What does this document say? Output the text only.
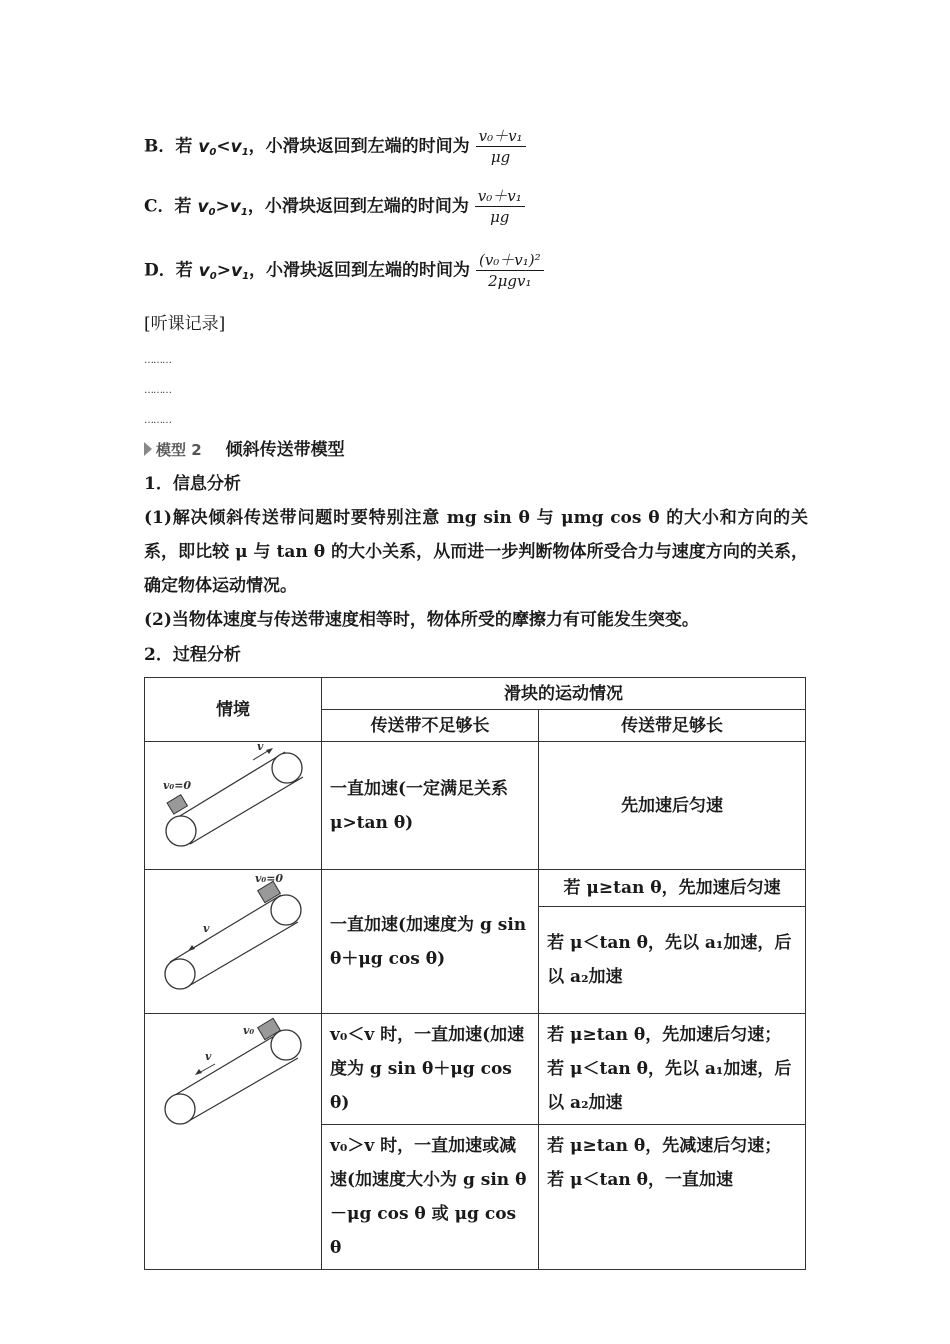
B．若 $v_0<v_1$，小滑块返回到左端的时间为 $\frac{\text{v₀＋v₁}}{\mu g}$
C．若 $v_0>v_1$，小滑块返回到左端的时间为 $\frac{\text{v₀＋v₁}}{\mu g}$
D．若 $v_0>v_1$，小滑块返回到左端的时间为 $\frac{\text{(v₀＋v₁)²}}{\text{2μgv₁}}$
[听课记录]
………
………
………
模型 2 倾斜传送带模型
1．信息分析
(1)解决倾斜传送带问题时要特别注意 mg sin θ 与 μmg cos θ 的大小和方向的关系，即比较 μ 与 tan θ 的大小关系，从而进一步判断物体所受合力与速度方向的关系，确定物体运动情况。
(2)当物体速度与传送带速度相等时，物体所受的摩擦力有可能发生突变。
2．过程分析
情境	滑块的运动情况	
	传送带不足够长	传送带足够长

v
v₀=0	一直加速(一定满足关系 μ>tan θ)	先加速后匀速

v
v₀=0	一直加速(加速度为 g sin θ＋μg cos θ)	若 μ≥tan θ，先加速后匀速
		若 μ＜tan θ，先以 a₁加速，后以 a₂加速

v
v₀	v₀＜v 时，一直加速(加速度为 g sin θ＋μg cos θ)	若 μ≥tan θ，先加速后匀速；若 μ＜tan θ，先以 a₁加速，后以 a₂加速
	v₀＞v 时，一直加速或减速(加速度大小为 g sin θ－μg cos θ 或 μg cos θ	若 μ≥tan θ，先减速后匀速；若 μ＜tan θ，一直加速
